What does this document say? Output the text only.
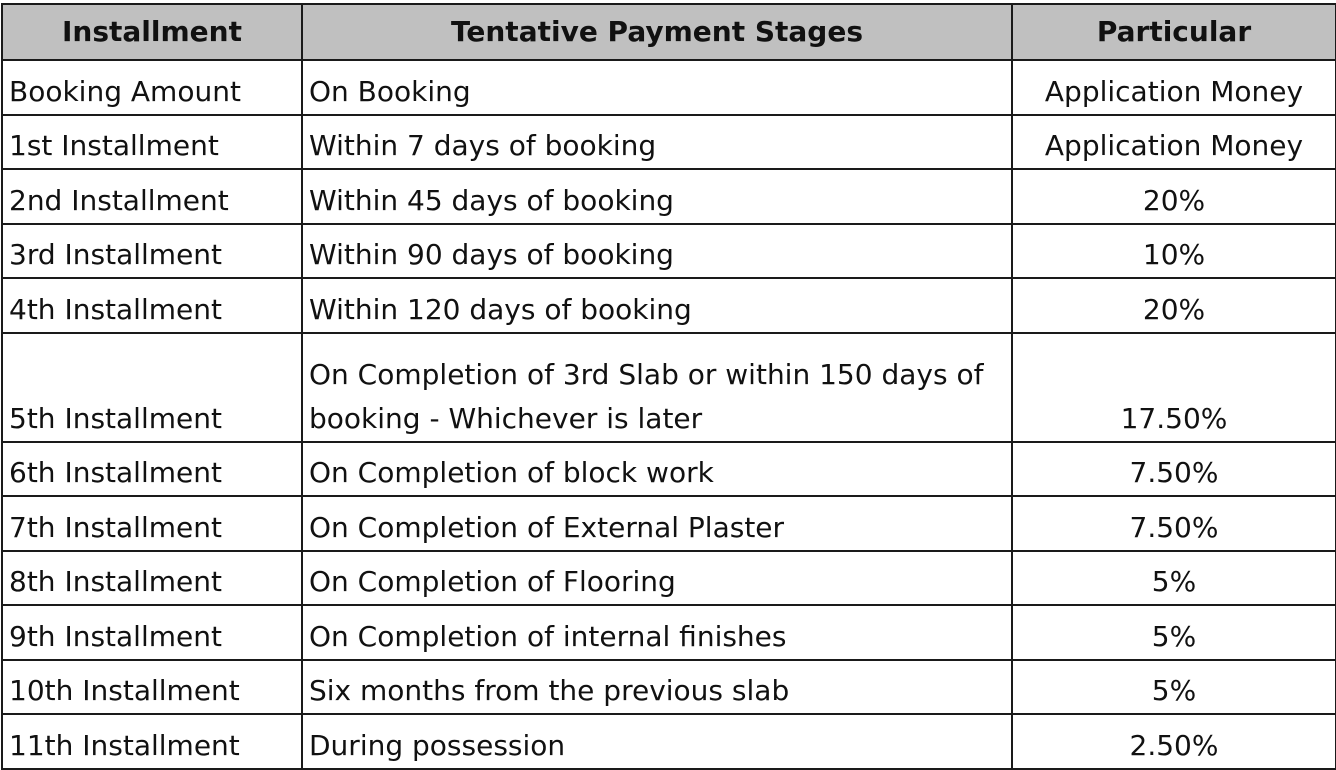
Installment	Tentative Payment Stages	Particular
Booking Amount	On Booking	Application Money
1st Installment	Within 7 days of booking	Application Money
2nd Installment	Within 45 days of booking	20%
3rd Installment	Within 90 days of booking	10%
4th Installment	Within 120 days of booking	20%
5th Installment	On Completion of 3rd Slab or within 150 days of booking - Whichever is later	17.50%
6th Installment	On Completion of block work	7.50%
7th Installment	On Completion of External Plaster	7.50%
8th Installment	On Completion of Flooring	5%
9th Installment	On Completion of internal finishes	5%
10th Installment	Six months from the previous slab	5%
11th Installment	During possession	2.50%
